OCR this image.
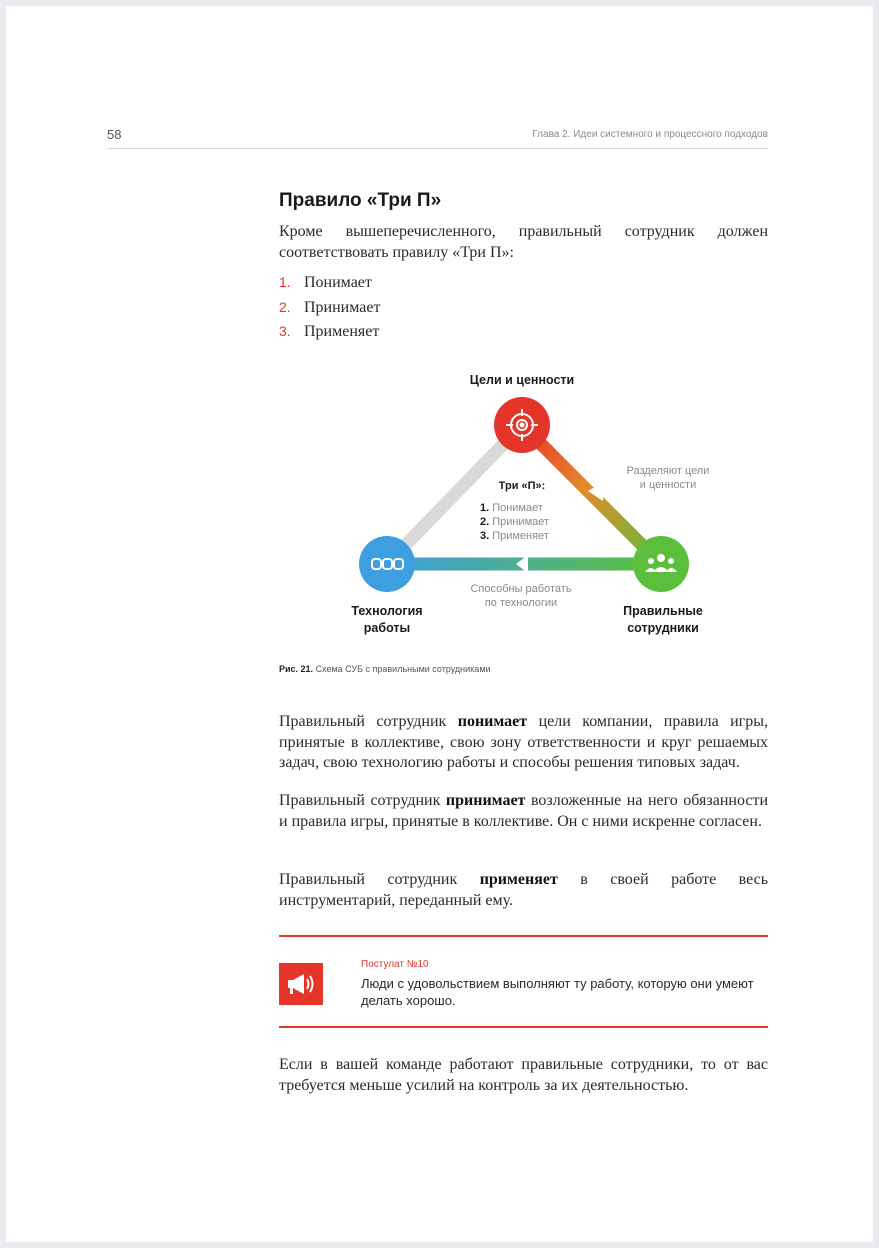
58	Глава 2. Идеи системного и процессного подходов
Правило «Три П»

Кроме вышеперечисленного, правильный сотрудник должен соответствовать правилу «Три П»:

1. Понимает
2. Принимает
3. Применяет
Цели и ценности
Технология
работы
Правильные
сотрудники
Разделяют цели
и ценности
Способны работать
по технологии
Три «П»:
1. Понимает
2. Принимает
3. Применяет
Рис. 21. Схема СУБ с правильными сотрудниками

Правильный сотрудник понимает цели компании, правила игры, принятые в коллективе, свою зону ответственности и круг решаемых задач, свою технологию работы и способы решения типовых задач.

Правильный сотрудник принимает возложенные на него обязанности и правила игры, принятые в коллективе. Он с ними искренне согласен.

Правильный сотрудник применяет в своей работе весь инструментарий, переданный ему.

Постулат №10
Люди с удовольствием выполняют ту работу, которую они умеют делать хорошо.

Если в вашей команде работают правильные сотрудники, то от вас требуется меньше усилий на контроль за их деятельностью.
